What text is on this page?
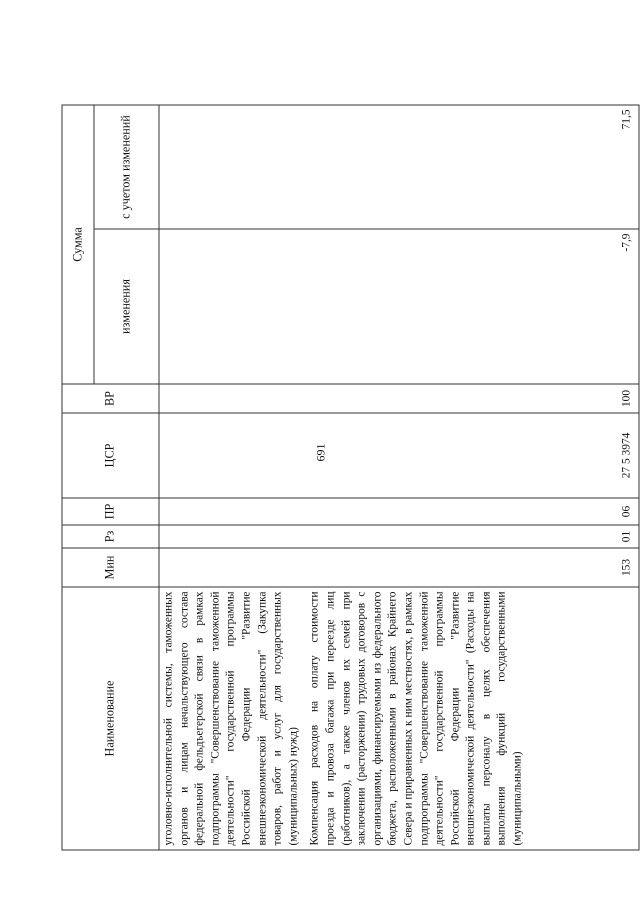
691
Наименование	Мин	Рз	ПР	ЦСР	ВР	Сумма	
						изменения	с учетом изменений

уголовно-исполнительной системы, таможенных органов и лицам начальствующего состава федеральной фельдъегерской связи в рамках подпрограммы "Совершенствование таможенной деятельности" государственной программы Российской Федерации "Развитие внешнеэкономической деятельности" (Закупка товаров, работ и услуг для государственных (муниципальных) нужд) Компенсация расходов на оплату стоимости проезда и провоза багажа при переезде лиц (работников), а также членов их семей при заключении (расторжении) трудовых договоров с организациями, финансируемыми из федерального бюджета, расположенными в районах Крайнего Севера и приравненных к ним местностях, в рамках подпрограммы "Совершенствование таможенной деятельности" государственной программы Российской Федерации "Развитие внешнеэкономической деятельности" (Расходы на выплаты персоналу в целях обеспечения выполнения функций государственными (муниципальными)	153	01	06	27 5 3974	100	-7,9	71,5
